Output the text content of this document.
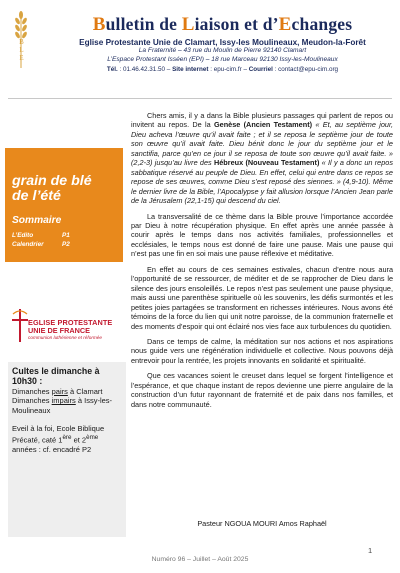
B
L
E
Bulletin de Liaison et d’Echanges
Eglise Protestante Unie de Clamart, Issy-les Moulineaux, Meudon-la-Forêt
La Fraternité – 43 rue du Moulin de Pierre 92140 Clamart
L’Espace Protestant Isséen (EPI) – 18 rue Marceau 92130 Issy-les-Moulineaux
Tél. : 01.46.42.31.50 – Site internet : epu-cim.fr – Courriel : contact@epu-cim.org
grain de blé
de l’été
Sommaire
L’Edito	P1
Calendrier	P2
EGLISE PROTESTANTE
UNIE DE FRANCE
communion luthérienne et réformée
Cultes le dimanche à 10h30 :
Dimanches pairs à Clamart
Dimanches impairs à Issy-les-Moulineaux
Eveil à la foi, Ecole Biblique
Précaté, caté 1ère et 2ème années : cf. encadré P2

Chers amis, il y a dans la Bible plusieurs passages qui parlent de repos ou invitent au repos. De la Genèse (Ancien Testament) « Et, au septième jour, Dieu acheva l’œuvre qu’il avait faite ; et il se reposa le septième jour de toute son œuvre qu’il avait faite. Dieu bénit donc le jour du septième jour et le sanctifia, parce qu’en ce jour il se reposa de toute son œuvre qu’il avait faite. » (2,2-3) jusqu’au livre des Hébreux (Nouveau Testament) « Il y a donc un repos sabbatique réservé au peuple de Dieu. En effet, celui qui entre dans ce repos se repose de ses œuvres, comme Dieu s’est reposé des siennes. » (4,9-10). Même le dernier livre de la Bible, l’Apocalypse y fait allusion lorsque l’Ancien Jean parle de la Jérusalem (22,1-15) qui descend du ciel.

La transversalité de ce thème dans la Bible prouve l’importance accordée par Dieu à notre récupération physique. En effet après une année passée à courir après le temps dans nos activités familiales, professionnelles et ecclésiales, le temps nous est donné de faire une pause. Mais une pause qui n’est pas une fin en soi mais une pause réflexive et méditative.

En effet au cours de ces semaines estivales, chacun d’entre nous aura l’opportunité de se ressourcer, de méditer et de se rapprocher de Dieu dans le silence des jours ensoleillés. Le repos n’est pas seulement une pause physique, mais aussi une parenthèse spirituelle où les souvenirs, les défis surmontés et les petites joies partagées se transforment en richesses intérieures. Nous avons été témoins de la force du lien qui unit notre paroisse, de la communion fraternelle et des moments d’espoir qui ont éclairé nos vies face aux turbulences du quotidien.

Dans ce temps de calme, la méditation sur nos actions et nos aspirations nous guide vers une régénération individuelle et collective. Nous pouvons déjà entrevoir pour la rentrée, les projets innovants en solidarité et spiritualité.

Que ces vacances soient le creuset dans lequel se forgent l’intelligence et l’espérance, et que chaque instant de repos devienne une pierre angulaire de la construction d’un futur rayonnant de fraternité et de paix dans nos familles, et dans notre communauté.

Pasteur NGOUA MOURI Amos Raphaël
1
Numéro 96 – Juillet – Août 2025
